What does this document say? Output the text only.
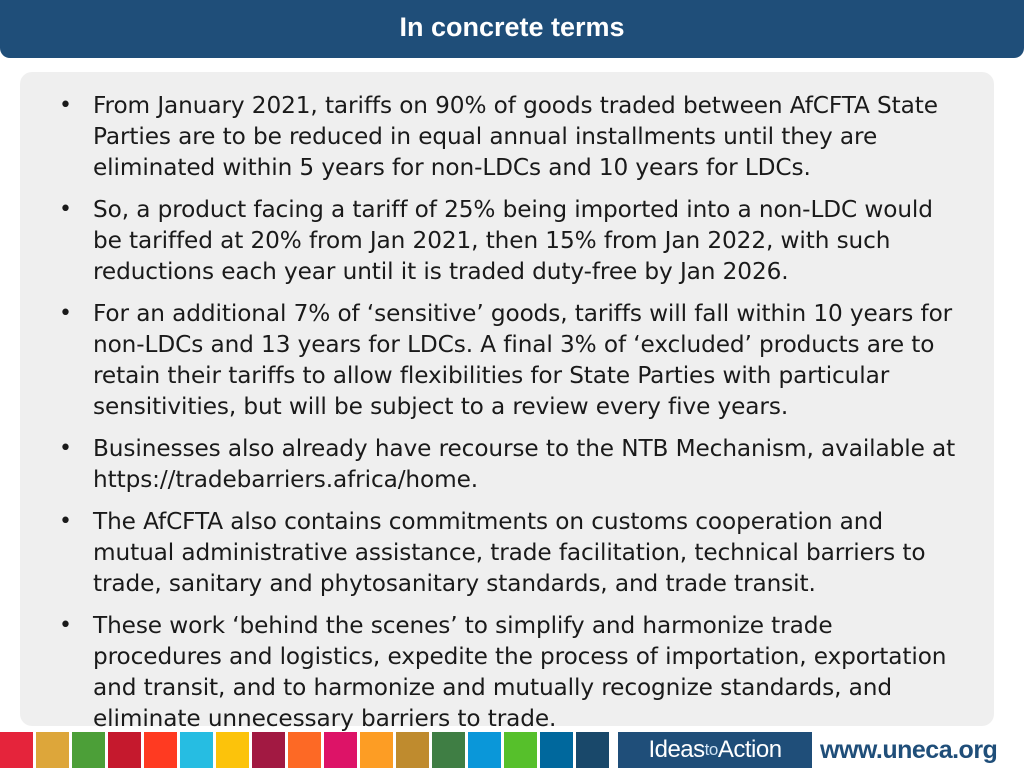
In concrete terms
• From January 2021, tariffs on 90% of goods traded between AfCFTA State Parties are to be reduced in equal annual installments until they are eliminated within 5 years for non-LDCs and 10 years for LDCs.
• So, a product facing a tariff of 25% being imported into a non-LDC would be tariffed at 20% from Jan 2021, then 15% from Jan 2022, with such reductions each year until it is traded duty-free by Jan 2026.
• For an additional 7% of ‘sensitive’ goods, tariffs will fall within 10 years for non-LDCs and 13 years for LDCs. A final 3% of ‘excluded’ products are to retain their tariffs to allow flexibilities for State Parties with particular sensitivities, but will be subject to a review every five years.
• Businesses also already have recourse to the NTB Mechanism, available at https://tradebarriers.africa/home.
• The AfCFTA also contains commitments on customs cooperation and mutual administrative assistance, trade facilitation, technical barriers to trade, sanitary and phytosanitary standards, and trade transit.
• These work ‘behind the scenes’ to simplify and harmonize trade procedures and logistics, expedite the process of importation, exportation and transit, and to harmonize and mutually recognize standards, and eliminate unnecessary barriers to trade.
Ideas to Action www.uneca.org
